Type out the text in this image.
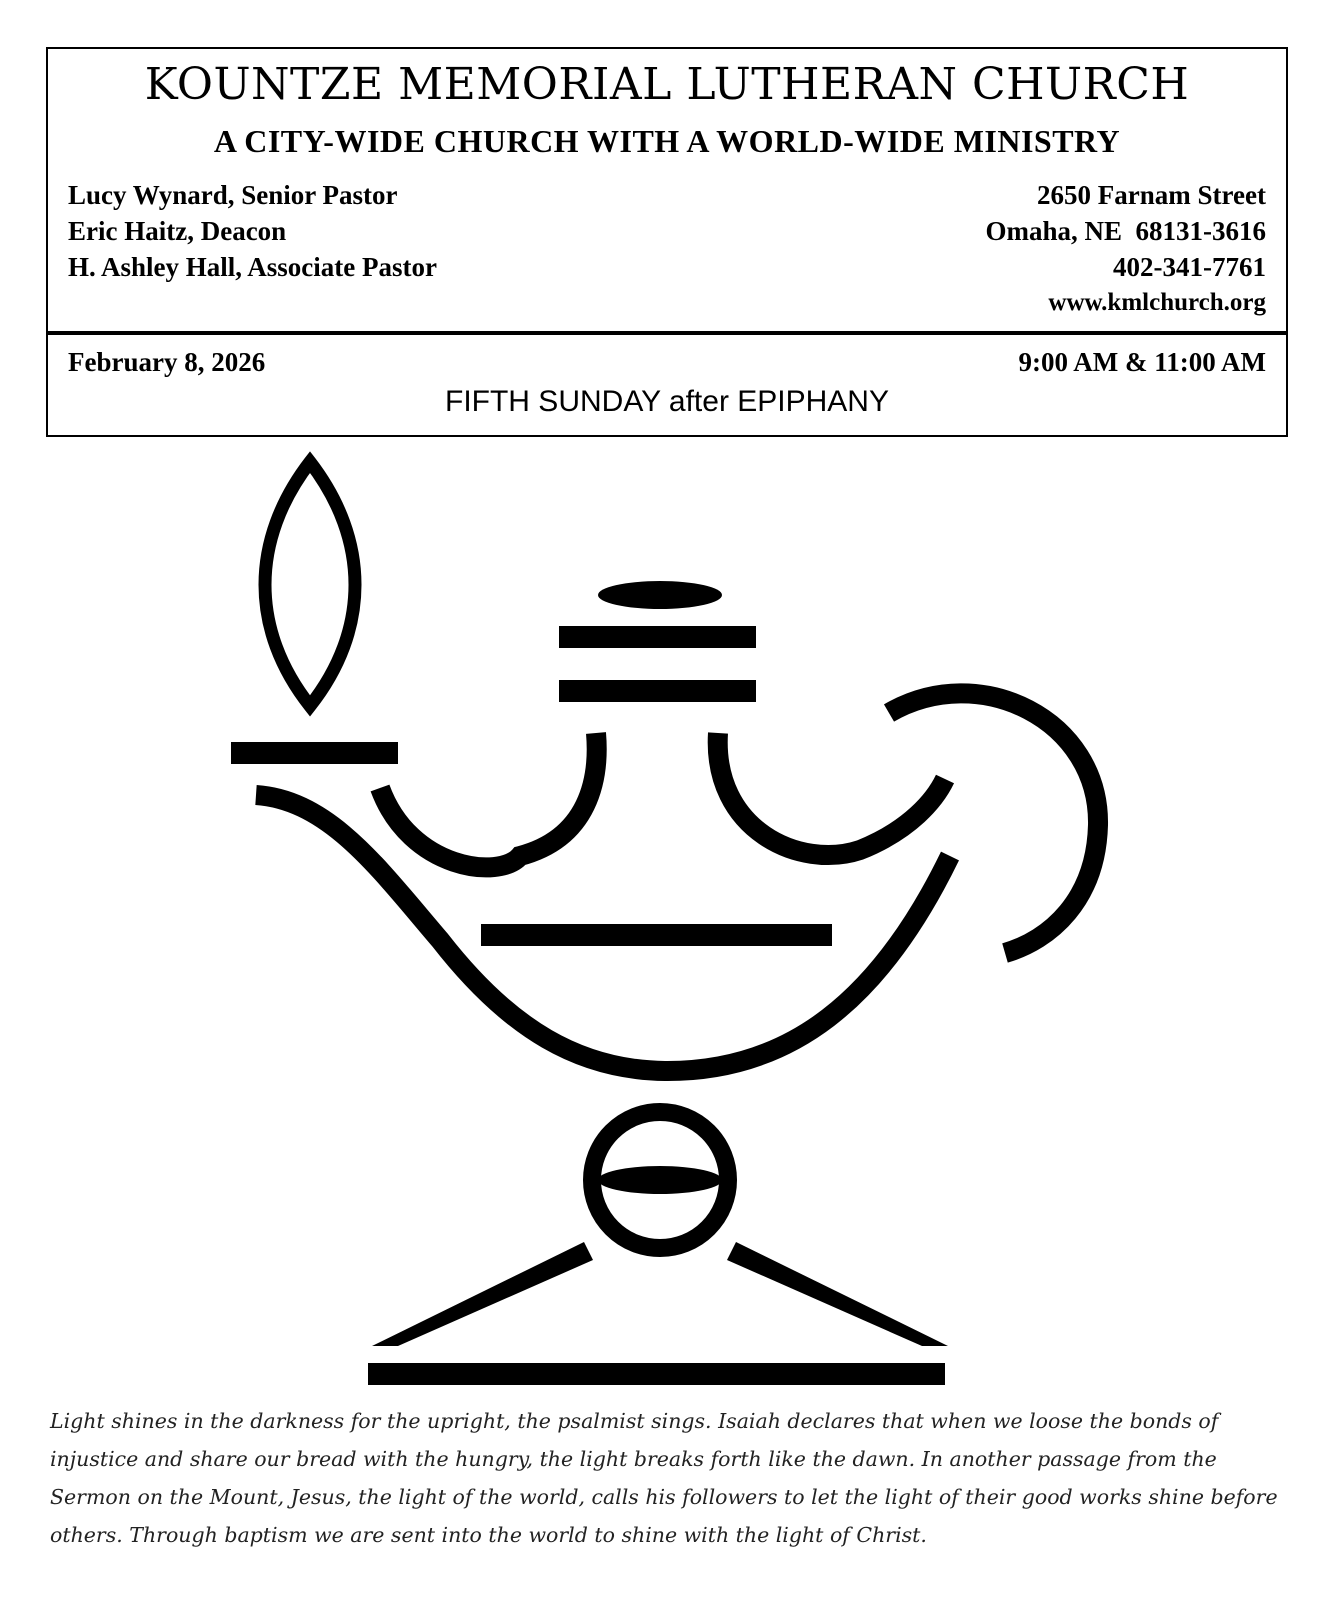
KOUNTZE MEMORIAL LUTHERAN CHURCH
A CITY-WIDE CHURCH WITH A WORLD-WIDE MINISTRY
Lucy Wynard, Senior Pastor
Eric Haitz, Deacon
H. Ashley Hall, Associate Pastor
2650 Farnam Street
Omaha, NE  68131-3616
402-341-7761
www.kmlchurch.org
February 8, 2026	9:00 AM & 11:00 AM
FIFTH SUNDAY after EPIPHANY
Light shines in the darkness for the upright, the psalmist sings. Isaiah declares that when we loose the bonds of injustice and share our bread with the hungry, the light breaks forth like the dawn. In another passage from the Sermon on the Mount, Jesus, the light of the world, calls his followers to let the light of their good works shine before others. Through baptism we are sent into the world to shine with the light of Christ.
